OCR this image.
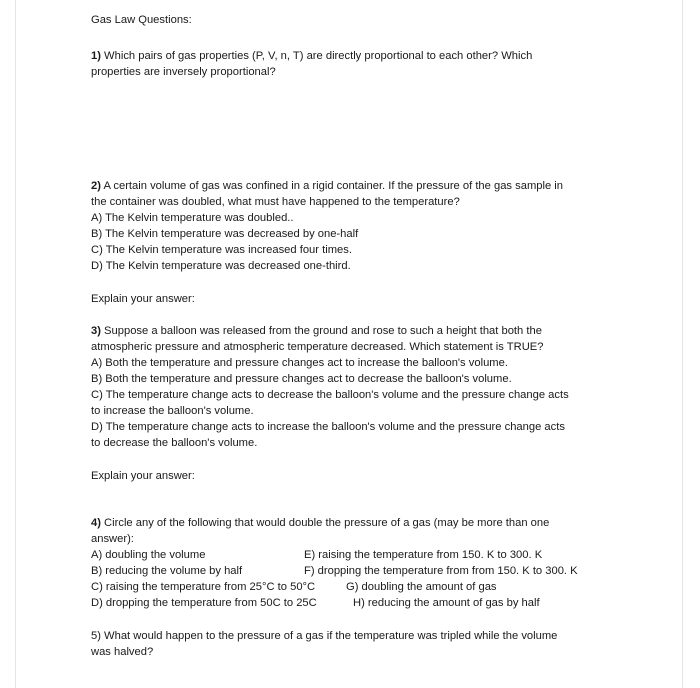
Gas Law Questions:
1) Which pairs of gas properties (P, V, n, T) are directly proportional to each other? Which
properties are inversely proportional?
2) A certain volume of gas was confined in a rigid container. If the pressure of the gas sample in
the container was doubled, what must have happened to the temperature?
A) The Kelvin temperature was doubled..
B) The Kelvin temperature was decreased by one-half
C) The Kelvin temperature was increased four times.
D) The Kelvin temperature was decreased one-third.
Explain your answer:
3) Suppose a balloon was released from the ground and rose to such a height that both the
atmospheric pressure and atmospheric temperature decreased. Which statement is TRUE?
A) Both the temperature and pressure changes act to increase the balloon's volume.
B) Both the temperature and pressure changes act to decrease the balloon's volume.
C) The temperature change acts to decrease the balloon's volume and the pressure change acts
to increase the balloon's volume.
D) The temperature change acts to increase the balloon's volume and the pressure change acts
to decrease the balloon's volume.
Explain your answer:
4) Circle any of the following that would double the pressure of a gas (may be more than one
answer):
A) doubling the volume	E) raising the temperature from 150. K to 300. K
B) reducing the volume by half	F) dropping the temperature from from 150. K to 300. K
C) raising the temperature from 25°C to 50°C	G) doubling the amount of gas
D) dropping the temperature from 50C to 25C	H) reducing the amount of gas by half
5) What would happen to the pressure of a gas if the temperature was tripled while the volume
was halved?
